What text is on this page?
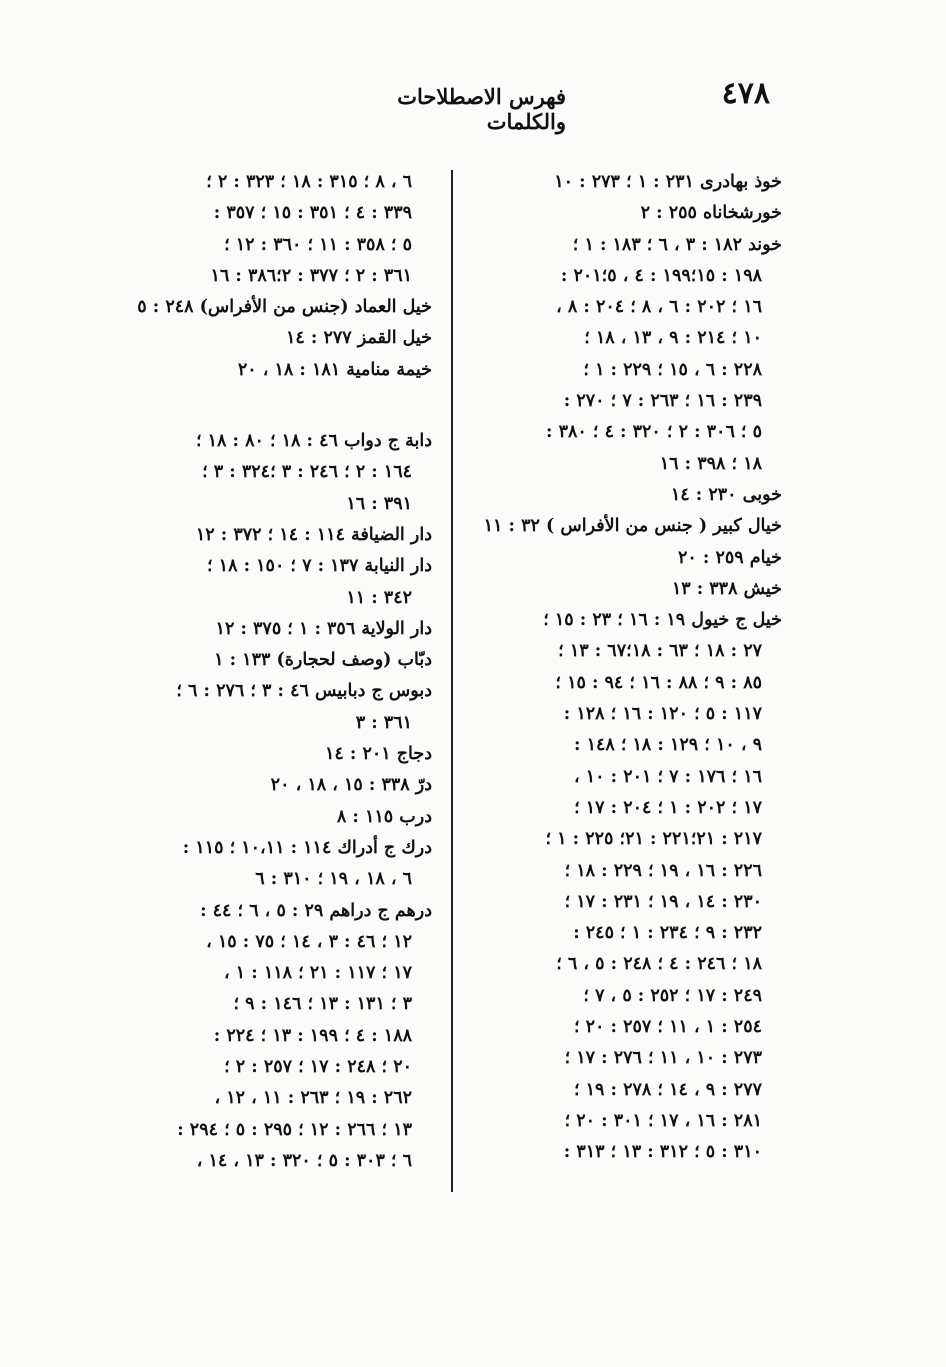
٤٧٨
فهرس الاصطلاحات والكلمات
خوذ بهادری ٢٣١ : ١ ؛ ٢٧٣ : ١٠
خورشخاناه ٢٥٥ : ٢
خوند ١٨٢ : ٣ ، ٦ ؛ ١٨٣ : ١ ؛
١٩٨ : ١٥؛١٩٩ : ٤ ، ٥؛٢٠١ :
١٦ ؛ ٢٠٢ : ٦ ، ٨ ؛ ٢٠٤ : ٨ ،
١٠ ؛ ٢١٤ : ٩ ، ١٣ ، ١٨ ؛
٢٢٨ : ٦ ، ١٥ ؛ ٢٢٩ : ١ ؛
٢٣٩ : ١٦ ؛ ٢٦٣ : ٧ ؛ ٢٧٠ :
٥ ؛ ٣٠٦ : ٢ ؛ ٣٢٠ : ٤ ؛ ٣٨٠ :
١٨ ؛ ٣٩٨ : ١٦
خوبی ٢٣٠ : ١٤
خيال كبير ( جنس من الأفراس ) ٣٢ : ١١
خيام ٢٥٩ : ٢٠
خيش ٣٣٨ : ١٣
خيل ج خيول ١٩ : ١٦ ؛ ٢٣ : ١٥ ؛
٢٧ : ١٨ ؛ ٦٣ : ١٨؛٦٧ : ١٣ ؛
٨٥ : ٩ ؛ ٨٨ : ١٦ ؛ ٩٤ : ١٥ ؛
١١٧ : ٥ ؛ ١٢٠ : ١٦ ؛ ١٢٨ :
٩ ، ١٠ ؛ ١٢٩ : ١٨ ؛ ١٤٨ :
١٦ ؛ ١٧٦ : ٧ ؛ ٢٠١ : ١٠ ،
١٧ ؛ ٢٠٢ : ١ ؛ ٢٠٤ : ١٧ ؛
٢١٧ : ٢١؛٢٢١ : ٢١؛ ٢٢٥ : ١ ؛
٢٢٦ : ١٦ ، ١٩ ؛ ٢٢٩ : ١٨ ؛
٢٣٠ : ١٤ ، ١٩ ؛ ٢٣١ : ١٧ ؛
٢٣٢ : ٩ ؛ ٢٣٤ : ١ ؛ ٢٤٥ :
١٨ ؛ ٢٤٦ : ٤ ؛ ٢٤٨ : ٥ ، ٦ ؛
٢٤٩ : ١٧ ؛ ٢٥٢ : ٥ ، ٧ ؛
٢٥٤ : ١ ، ١١ ؛ ٢٥٧ : ٢٠ ؛
٢٧٣ : ١٠ ، ١١ ؛ ٢٧٦ : ١٧ ؛
٢٧٧ : ٩ ، ١٤ ؛ ٢٧٨ : ١٩ ؛
٢٨١ : ١٦ ، ١٧ ؛ ٣٠١ : ٢٠ ؛
٣١٠ : ٥ ؛ ٣١٢ : ١٣ ؛ ٣١٣ :
٦ ، ٨ ؛ ٣١٥ : ١٨ ؛ ٣٢٣ : ٢ ؛
٣٣٩ : ٤ ؛ ٣٥١ : ١٥ ؛ ٣٥٧ :
٥ ؛ ٣٥٨ : ١١ ؛ ٣٦٠ : ١٢ ؛
٣٦١ : ٢ ؛ ٣٧٧ : ٢؛٣٨٦ : ١٦
خيل العماد (جنس من الأفراس) ٢٤٨ : ٥
خيل القمز ٢٧٧ : ١٤
خيمة منامية ١٨١ : ١٨ ، ٢٠
دابة ج دواب ٤٦ : ١٨ ؛ ٨٠ : ١٨ ؛
١٦٤ : ٢ ؛ ٢٤٦ : ٣ ؛٣٢٤ : ٣ ؛
٣٩١ : ١٦
دار الضيافة ١١٤ : ١٤ ؛ ٣٧٢ : ١٢
دار النيابة ١٣٧ : ٧ ؛ ١٥٠ : ١٨ ؛
٣٤٢ : ١١
دار الولاية ٣٥٦ : ١ ؛ ٣٧٥ : ١٢
دبّاب (وصف لحجارة) ١٣٣ : ١
دبوس ج دبابيس ٤٦ : ٣ ؛ ٢٧٦ : ٦ ؛
٣٦١ : ٣
دجاج ٢٠١ : ١٤
درّ ٣٣٨ : ١٥ ، ١٨ ، ٢٠
درب ١١٥ : ٨
درك ج أدراك ١١٤ : ١٠،١١ ؛ ١١٥ :
٦ ، ١٨ ، ١٩ ؛ ٣١٠ : ٦
درهم ج دراهم ٢٩ : ٥ ، ٦ ؛ ٤٤ :
١٢ ؛ ٤٦ : ٣ ، ١٤ ؛ ٧٥ : ١٥ ،
١٧ ؛ ١١٧ : ٢١ ؛ ١١٨ : ١ ،
٣ ؛ ١٣١ : ١٣ ؛ ١٤٦ : ٩ ؛
١٨٨ : ٤ ؛ ١٩٩ : ١٣ ؛ ٢٢٤ :
٢٠ ؛ ٢٤٨ : ١٧ ؛ ٢٥٧ : ٢ ؛
٢٦٢ : ١٩ ؛ ٢٦٣ : ١١ ، ١٢ ،
١٣ ؛ ٢٦٦ : ١٢ ؛ ٢٩٥ : ٥ ؛ ٢٩٤ :
٦ ؛ ٣٠٣ : ٥ ؛ ٣٢٠ : ١٣ ، ١٤ ،
